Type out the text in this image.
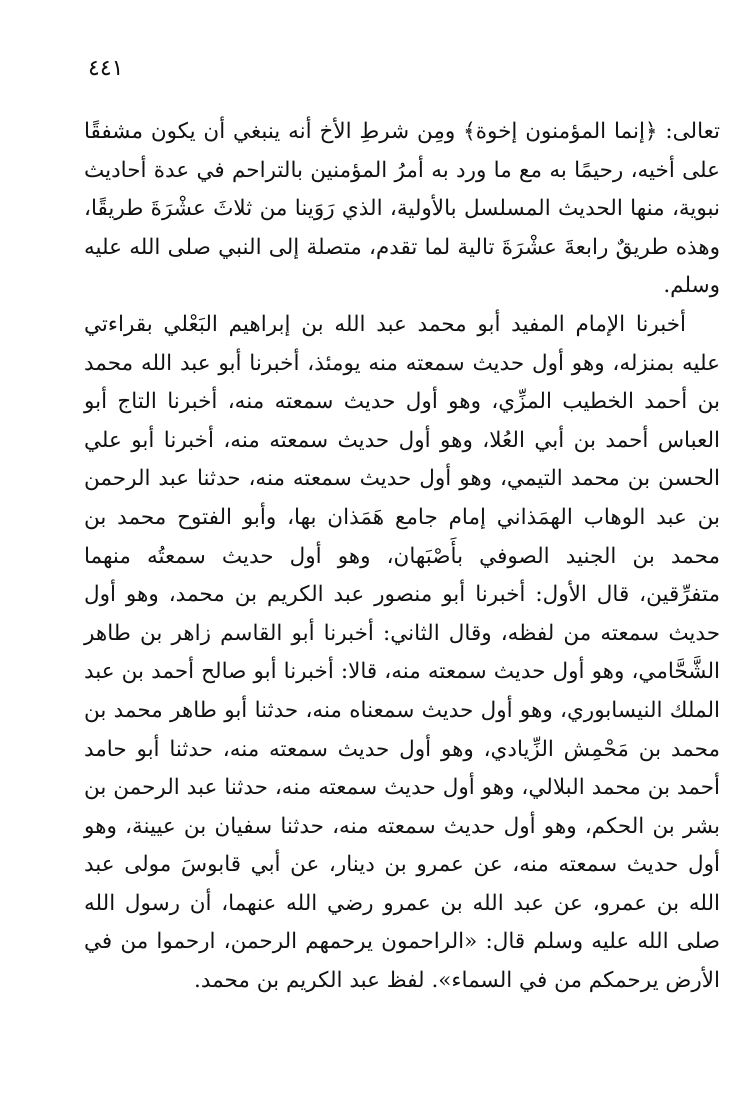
٤٤١

تعالى: ﴿إنما المؤمنون إخوة﴾ ومِن شرطِ الأخ أنه ينبغي أن يكون مشفقًا على أخيه، رحيمًا به مع ما ورد به أمرُ المؤمنين بالتراحم في عدة أحاديث نبوية، منها الحديث المسلسل بالأولية، الذي رَوَينا من ثلاثَ عشْرَةَ طريقًا، وهذه طريقٌ رابعةَ عشْرَةَ تالية لما تقدم، متصلة إلى النبي صلى الله عليه وسلم.

أخبرنا الإمام المفيد أبو محمد عبد الله بن إبراهيم البَعْلي بقراءتي عليه بمنزله، وهو أول حديث سمعته منه يومئذ، أخبرنا أبو عبد الله محمد بن أحمد الخطيب المزِّي، وهو أول حديث سمعته منه، أخبرنا التاج أبو العباس أحمد بن أبي العُلا، وهو أول حديث سمعته منه، أخبرنا أبو علي الحسن بن محمد التيمي، وهو أول حديث سمعته منه، حدثنا عبد الرحمن بن عبد الوهاب الهمَذاني إمام جامع هَمَذان بها، وأبو الفتوح محمد بن محمد بن الجنيد الصوفي بأَصْبَهان، وهو أول حديث سمعتُه منهما متفرِّقين، قال الأول: أخبرنا أبو منصور عبد الكريم بن محمد، وهو أول حديث سمعته من لفظه، وقال الثاني: أخبرنا أبو القاسم زاهر بن طاهر الشَّحَّامي، وهو أول حديث سمعته منه، قالا: أخبرنا أبو صالح أحمد بن عبد الملك النيسابوري، وهو أول حديث سمعناه منه، حدثنا أبو طاهر محمد بن محمد بن مَحْمِش الزِّيادي، وهو أول حديث سمعته منه، حدثنا أبو حامد أحمد بن محمد البلالي، وهو أول حديث سمعته منه، حدثنا عبد الرحمن بن بشر بن الحكم، وهو أول حديث سمعته منه، حدثنا سفيان بن عيينة، وهو أول حديث سمعته منه، عن عمرو بن دينار، عن أبي قابوسَ مولى عبد الله بن عمرو، عن عبد الله بن عمرو رضي الله عنهما، أن رسول الله صلى الله عليه وسلم قال: «الراحمون يرحمهم الرحمن، ارحموا من في الأرض يرحمكم من في السماء». لفظ عبد الكريم بن محمد.
